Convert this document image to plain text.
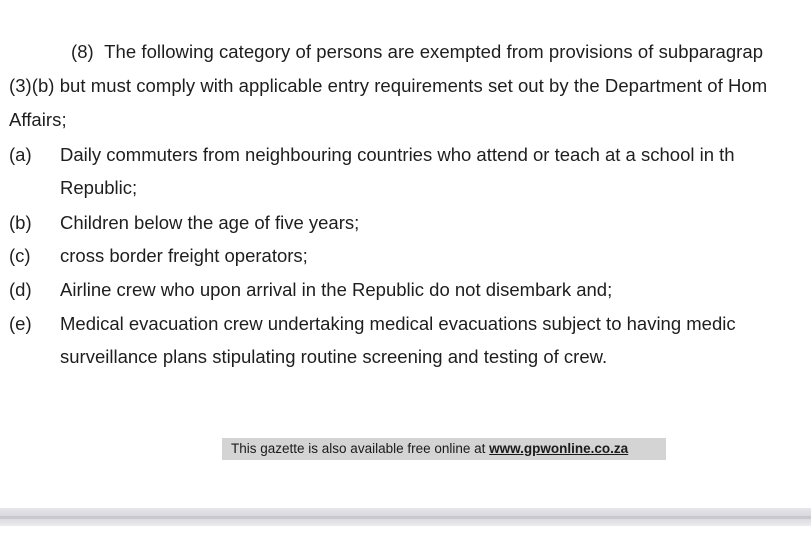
(8) The following category of persons are exempted from provisions of subparagrap
(3)(b) but must comply with applicable entry requirements set out by the Department of Hom
Affairs;
(a) Daily commuters from neighbouring countries who attend or teach at a school in th
Republic;
(b) Children below the age of five years;
(c) cross border freight operators;
(d) Airline crew who upon arrival in the Republic do not disembark and;
(e) Medical evacuation crew undertaking medical evacuations subject to having medic
surveillance plans stipulating routine screening and testing of crew.
This gazette is also available free online at www.gpwonline.co.za
